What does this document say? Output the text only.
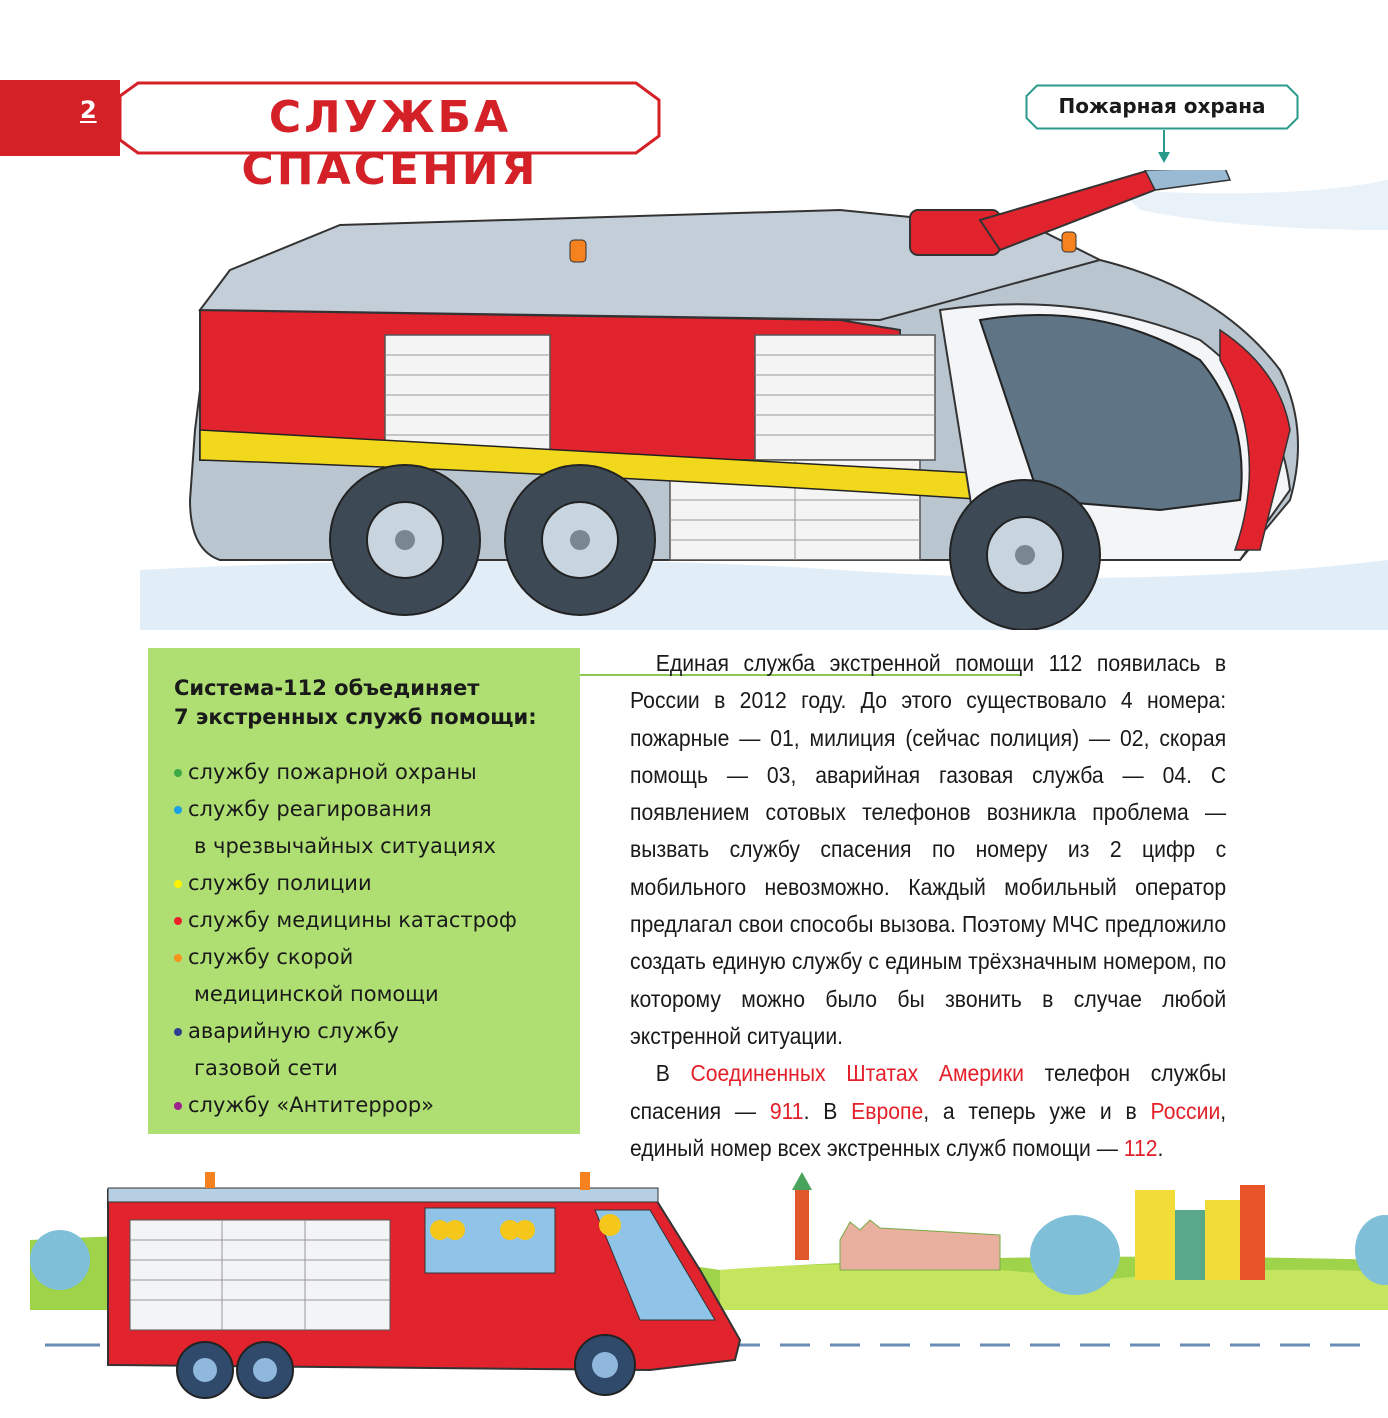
2	СЛУЖБА СПАСЕНИЯ
Пожарная охрана
Система-112 объединяет
7 экстренных служб помощи:
службу пожарной охраны
службу реагирования
в чрезвычайных ситуациях
службу полиции
службу медицины катастроф
службу скорой
медицинской помощи
аварийную службу
газовой сети
службу «Антитеррор»

Единая служба экстренной помощи 112 появилась в России в 2012 году. До этого существовало 4 номера: пожарные — 01, милиция (сейчас полиция) — 02, скорая помощь — 03, аварийная газовая служба — 04. С появлением сотовых телефонов возникла проблема — вызвать службу спасения по номеру из 2 цифр с мобильного невозможно. Каждый мобильный оператор предлагал свои способы вызова. Поэтому МЧС предложило создать единую службу с единым трёхзначным номером, по которому можно было бы звонить в случае любой экстренной ситуации.

В Соединенных Штатах Америки телефон службы спасения — 911. В Европе, а теперь уже и в России, единый номер всех экстренных служб помощи — 112.
